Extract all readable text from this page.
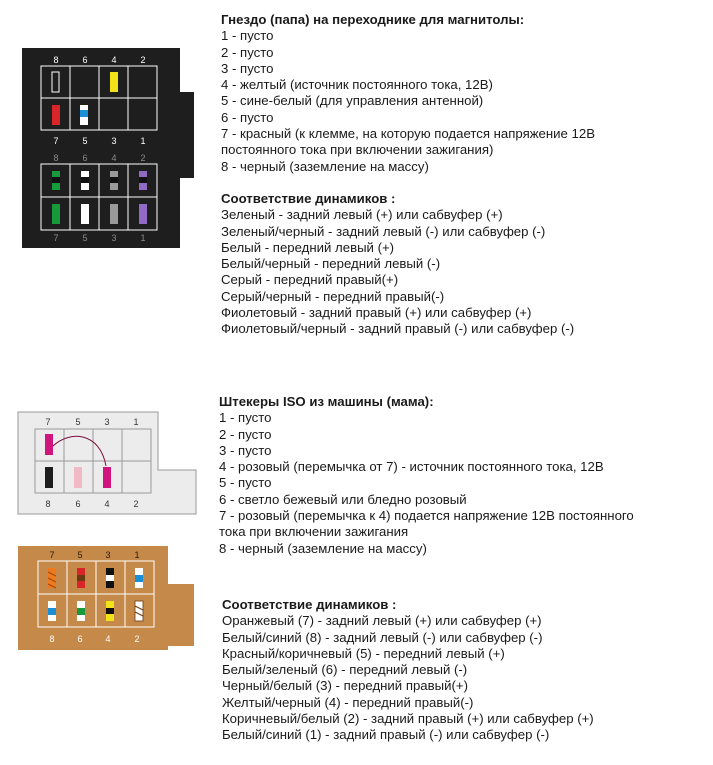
8	6	4	2
7	5	3	1
8	6	4	2
7	5	3	1
7	5	3	1
8	6	4	2
7	5	3	1
8	6	4	2
Гнездо (папа) на переходнике для магнитолы:
1 - пусто
2 - пусто
3 - пусто
4 - желтый (источник постоянного тока, 12В)
5 - сине-белый (для управления антенной)
6 - пусто
7 - красный (к клемме, на которую подается напряжение 12В
постоянного тока при включении зажигания)
8 - черный (заземление на массу)
Соответствие динамиков :
Зеленый - задний левый (+) или сабвуфер (+)
Зеленый/черный - задний левый (-) или сабвуфер (-)
Белый - передний левый (+)
Белый/черный - передний левый (-)
Серый - передний правый(+)
Серый/черный - передний правый(-)
Фиолетовый - задний правый (+) или сабвуфер (+)
Фиолетовый/черный - задний правый (-) или сабвуфер (-)
Штекеры ISO из машины (мама):
1 - пусто
2 - пусто
3 - пусто
4 - розовый (перемычка от 7) - источник постоянного тока, 12В
5 - пусто
6 - светло бежевый или бледно розовый
7 - розовый (перемычка к 4) подается напряжение 12В постоянного
тока при включении зажигания
8 - черный (заземление на массу)
Соответствие динамиков :
Оранжевый (7) - задний левый (+) или сабвуфер (+)
Белый/синий (8) - задний левый (-) или сабвуфер (-)
Красный/коричневый (5) - передний левый (+)
Белый/зеленый (6) - передний левый (-)
Черный/белый (3) - передний правый(+)
Желтый/черный (4) - передний правый(-)
Коричневый/белый (2) - задний правый (+) или сабвуфер (+)
Белый/синий (1) - задний правый (-) или сабвуфер (-)
